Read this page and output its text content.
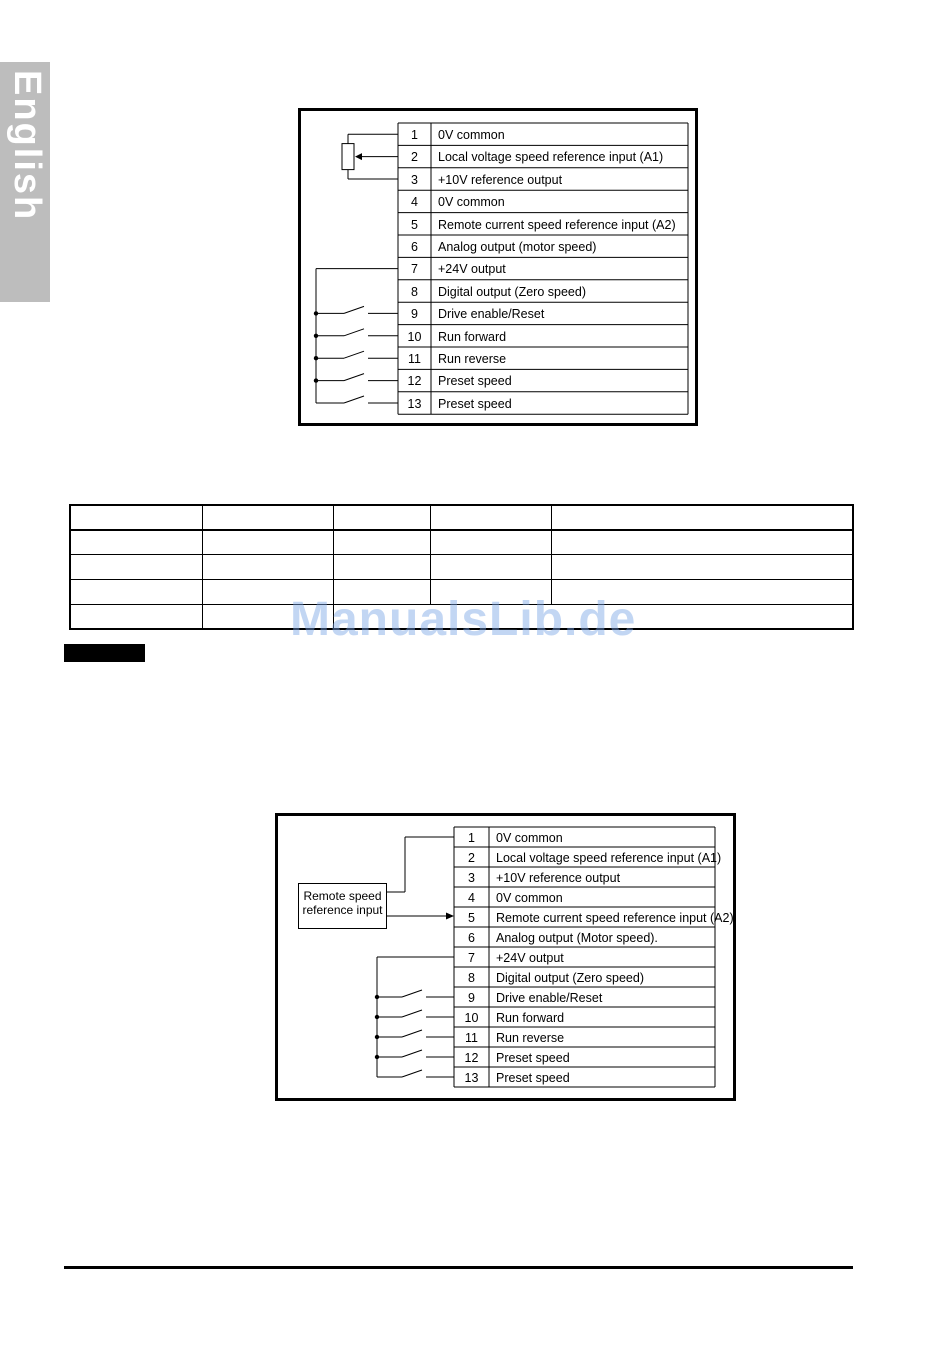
English	1	0V common
2	Local voltage speed reference input (A1)
3	+10V reference output
4	0V common
5	Remote current speed reference input (A2)
6	Analog output (motor speed)
7	+24V output
8	Digital output (Zero speed)
9	Drive enable/Reset
10	Run forward
11	Run reverse
12	Preset speed
13	Preset speed
ManualsLib.de
Remote speed
reference input
1	0V common
2	Local voltage speed reference input (A1)
3	+10V reference output
4	0V common
5	Remote current speed reference input (A2)
6	Analog output (Motor speed).
7	+24V output
8	Digital output (Zero speed)
9	Drive enable/Reset
10	Run forward
11	Run reverse
12	Preset speed
13	Preset speed
